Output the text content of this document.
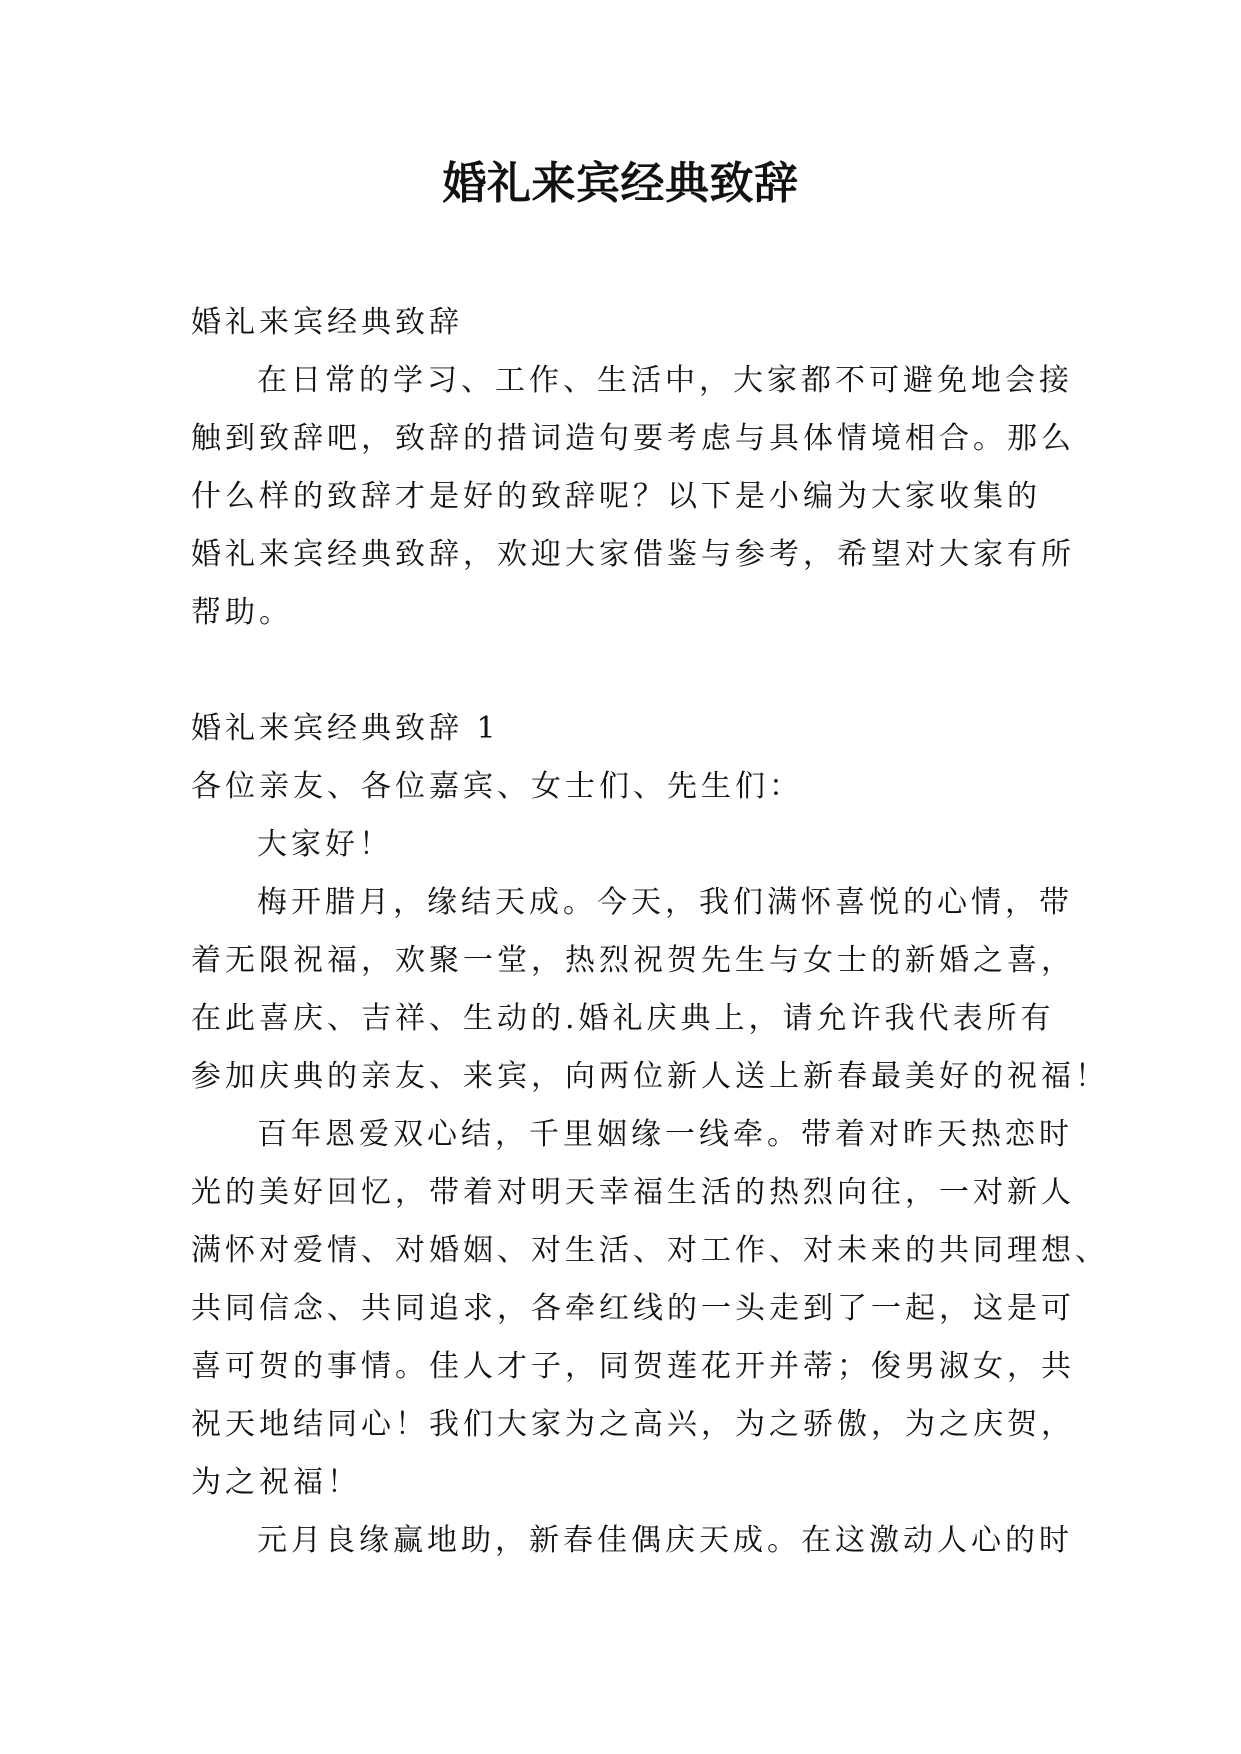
婚礼来宾经典致辞
婚礼来宾经典致辞
在日常的学习、工作、生活中，大家都不可避免地会接
触到致辞吧，致辞的措词造句要考虑与具体情境相合。那么
什么样的致辞才是好的致辞呢？以下是小编为大家收集的
婚礼来宾经典致辞，欢迎大家借鉴与参考，希望对大家有所
帮助。
婚礼来宾经典致辞 1
各位亲友、各位嘉宾、女士们、先生们：
大家好！
梅开腊月，缘结天成。今天，我们满怀喜悦的心情，带
着无限祝福，欢聚一堂，热烈祝贺先生与女士的新婚之喜，
在此喜庆、吉祥、生动的.婚礼庆典上，请允许我代表所有
参加庆典的亲友、来宾，向两位新人送上新春最美好的祝福！
百年恩爱双心结，千里姻缘一线牵。带着对昨天热恋时
光的美好回忆，带着对明天幸福生活的热烈向往，一对新人
满怀对爱情、对婚姻、对生活、对工作、对未来的共同理想、
共同信念、共同追求，各牵红线的一头走到了一起，这是可
喜可贺的事情。佳人才子，同贺莲花开并蒂；俊男淑女，共
祝天地结同心！我们大家为之高兴，为之骄傲，为之庆贺，
为之祝福！
元月良缘赢地助，新春佳偶庆天成。在这激动人心的时
